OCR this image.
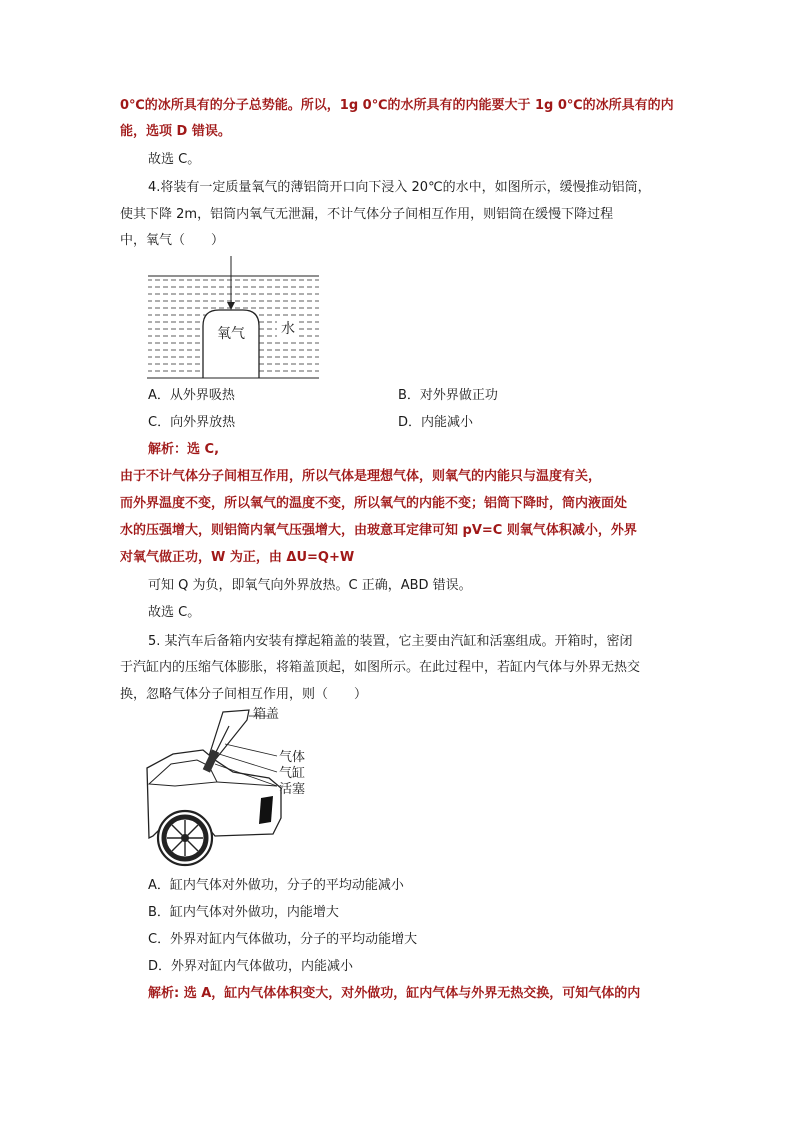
0℃的冰所具有的分子总势能。所以，1g 0℃的水所具有的内能要大于 1g 0℃的冰所具有的内
能，选项 D 错误。
故选 C。
4.将装有一定质量氧气的薄铝筒开口向下浸入 20℃的水中，如图所示，缓慢推动铝筒，
使其下降 2m，铝筒内氧气无泄漏，不计气体分子间相互作用，则铝筒在缓慢下降过程
中，氧气（　　）
氧气	水
A．从外界吸热	B．对外界做正功
C．向外界放热	D．内能减小
解析：选 C,
由于不计气体分子间相互作用，所以气体是理想气体，则氧气的内能只与温度有关，
而外界温度不变，所以氧气的温度不变，所以氧气的内能不变；铝筒下降时，筒内液面处
水的压强增大，则铝筒内氧气压强增大，由玻意耳定律可知 pV=C 则氧气体积减小，外界
对氧气做正功，W 为正，由 ΔU=Q+W
可知 Q 为负，即氧气向外界放热。C 正确，ABD 错误。
故选 C。
5. 某汽车后备箱内安装有撑起箱盖的装置，它主要由汽缸和活塞组成。开箱时，密闭
于汽缸内的压缩气体膨胀，将箱盖顶起，如图所示。在此过程中，若缸内气体与外界无热交
换，忽略气体分子间相互作用，则（　　）
箱盖
气体
气缸
活塞
A．缸内气体对外做功，分子的平均动能减小
B．缸内气体对外做功，内能增大
C．外界对缸内气体做功，分子的平均动能增大
D．外界对缸内气体做功，内能减小
解析: 选 A，缸内气体体积变大，对外做功，缸内气体与外界无热交换，可知气体的内
